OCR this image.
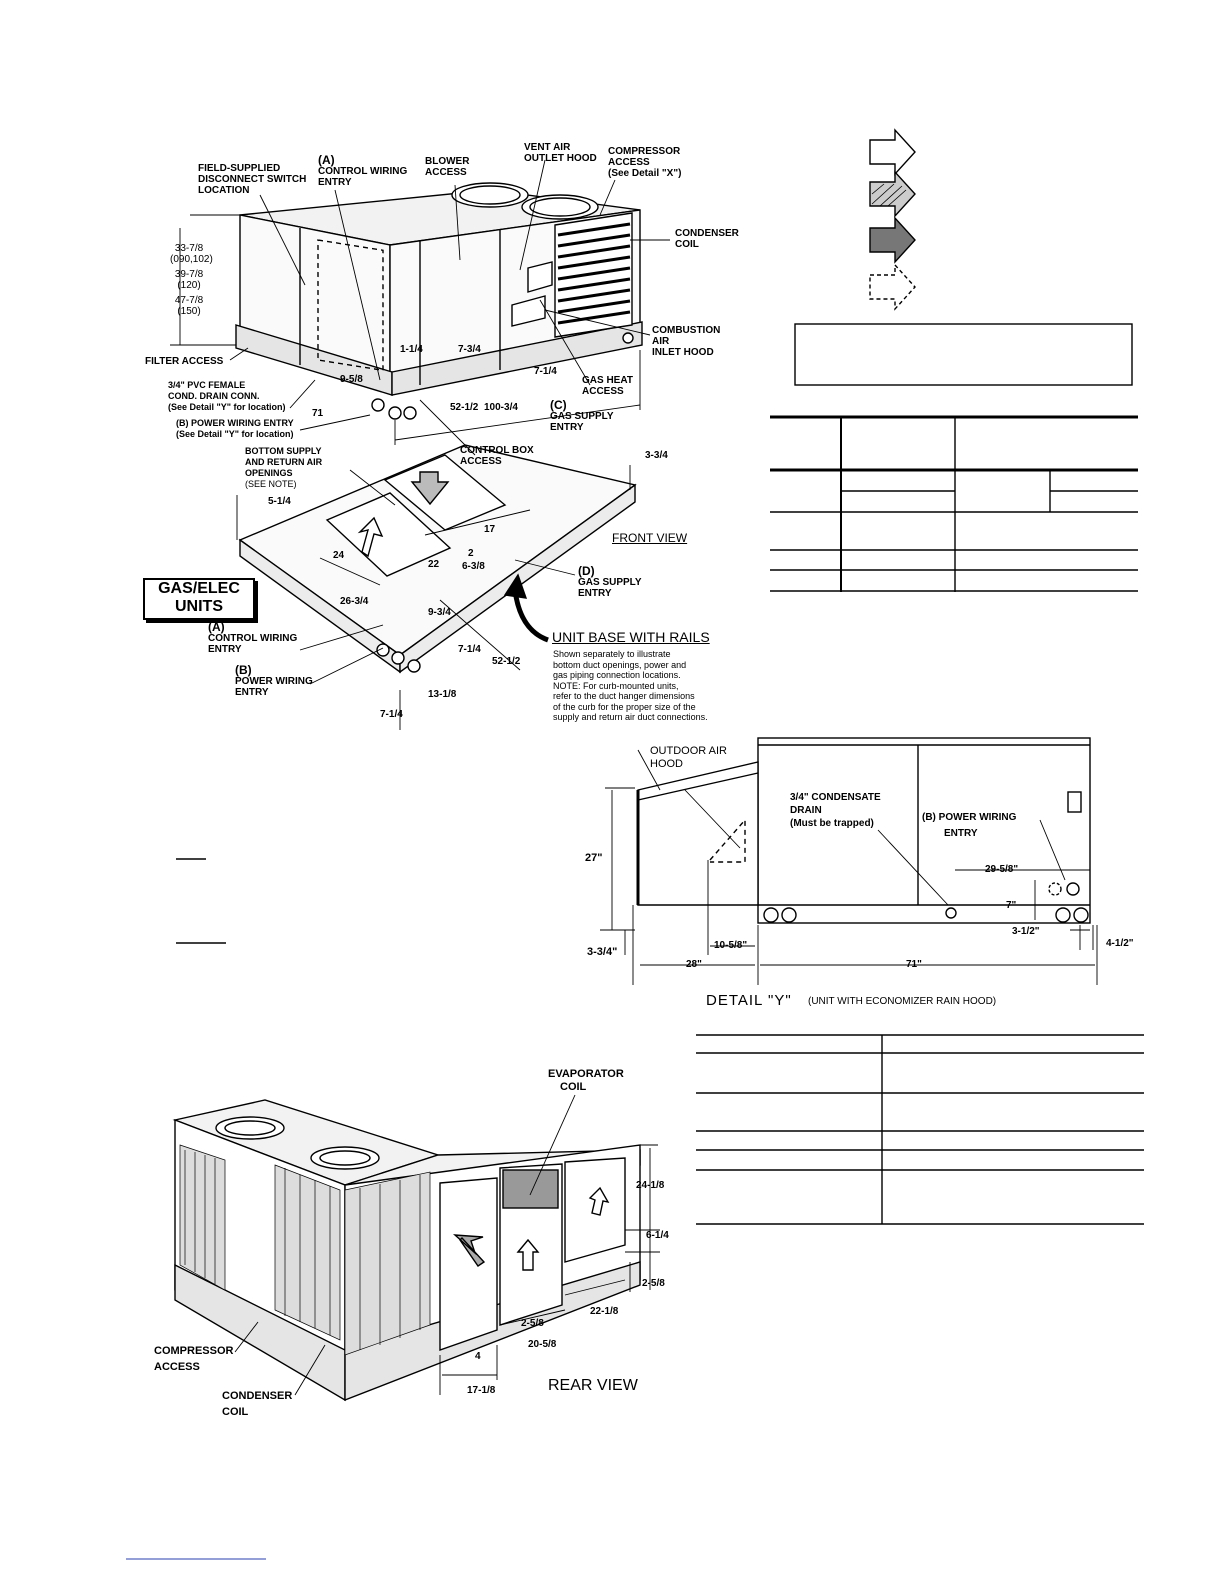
GAS/ELEC
UNITS
FIELD-SUPPLIED
DISCONNECT SWITCH
LOCATION
(A)
CONTROL WIRING
ENTRY
BLOWER
ACCESS
VENT AIR
OUTLET HOOD
COMPRESSOR
ACCESS
(See Detail "X")
CONDENSER
COIL
COMBUSTION
AIR
INLET HOOD
GAS HEAT
ACCESS
(C)
GAS SUPPLY
ENTRY
FILTER ACCESS
3/4" PVC FEMALE
COND. DRAIN CONN.
(See Detail "Y" for location)
(B) POWER WIRING ENTRY
(See Detail "Y" for location)
BOTTOM SUPPLY
AND RETURN AIR
OPENINGS
(SEE NOTE)
CONTROL BOX
ACCESS
FRONT VIEW
(D)
GAS SUPPLY
ENTRY
(A)
CONTROL WIRING
ENTRY
(B)
POWER WIRING
ENTRY
33-7/8
(090,102)
39-7/8
(120)
47-7/8
(150)
1-1/4	7-3/4
7-1/4
9-5/8
71
52-1/2 100-3/4
3-3/4
5-1/4
17
24
22
2
6-3/8
26-3/4
9-3/4
7-1/4
52-1/2
13-1/8
7-1/4
UNIT BASE WITH RAILS
Shown separately to illustrate
bottom duct openings, power and
gas piping connection locations.
NOTE: For curb-mounted units,
refer to the duct hanger dimensions
of the curb for the proper size of the
supply and return air duct connections.
OUTDOOR AIR
HOOD
3/4" CONDENSATE
DRAIN
(Must be trapped)
(B) POWER WIRING
ENTRY
27"
3-3/4"
10-5/8"
28"	71"
29-5/8"
7"
3-1/2"
4-1/2"
DETAIL "Y" (UNIT WITH ECONOMIZER RAIN HOOD)
EVAPORATOR
COIL
COMPRESSOR
ACCESS
CONDENSER
COIL
REAR VIEW
24-1/8
6-1/4
2-5/8
22-1/8
2-5/8
20-5/8
4
17-1/8
